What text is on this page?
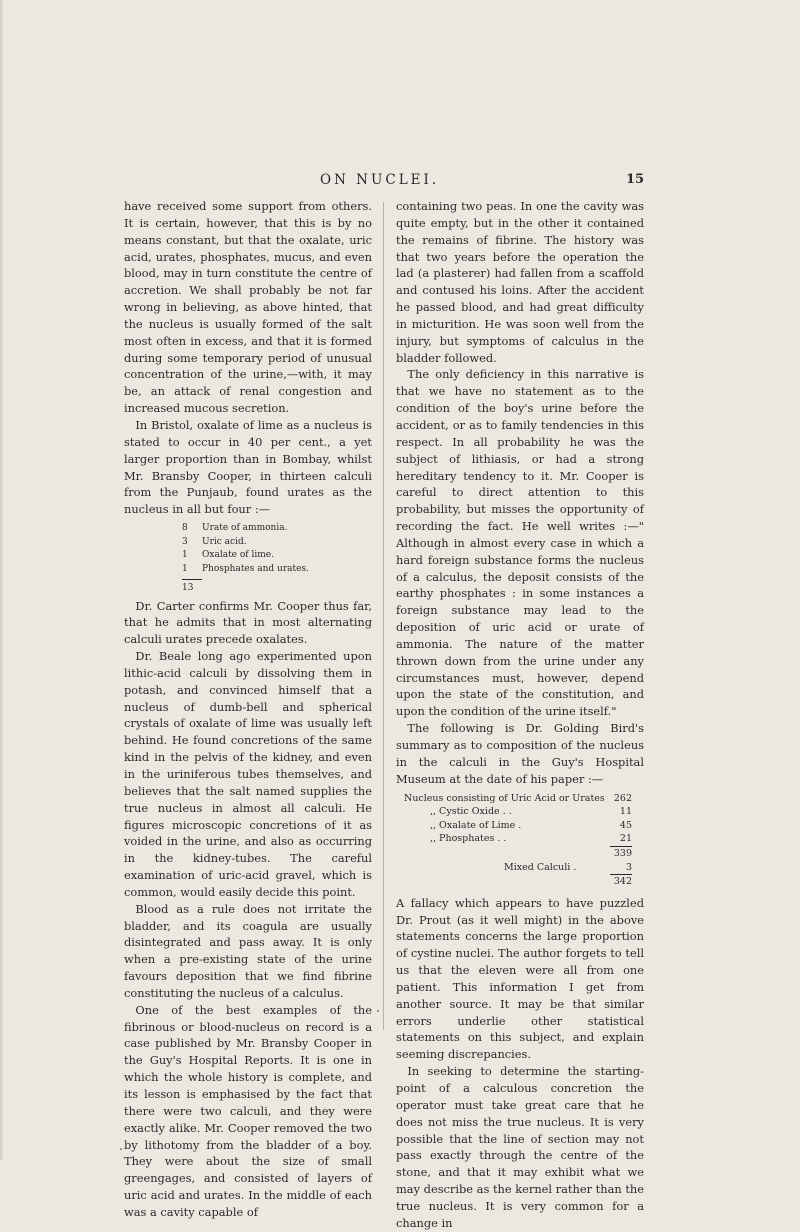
ON NUCLEI.	15

have received some support from others. It is certain, however, that this is by no means constant, but that the oxalate, uric acid, urates, phosphates, mucus, and even blood, may in turn constitute the centre of accretion. We shall probably be not far wrong in believing, as above hinted, that the nucleus is usually formed of the salt most often in excess, and that it is formed during some temporary period of unusual concentration of the urine,—with, it may be, an attack of renal congestion and increased mucous secretion.

In Bristol, oxalate of lime as a nucleus is stated to occur in 40 per cent., a yet larger proportion than in Bombay, whilst Mr. Bransby Cooper, in thirteen calculi from the Punjaub, found urates as the nucleus in all but four :—

8	Urate of ammonia.
3	Uric acid.
1	Oxalate of lime.
1	Phosphates and urates.
13

Dr. Carter confirms Mr. Cooper thus far, that he admits that in most alternating calculi urates precede oxalates.

Dr. Beale long ago experimented upon lithic-acid calculi by dissolving them in potash, and convinced himself that a nucleus of dumb-bell and spherical crystals of oxalate of lime was usually left behind. He found concretions of the same kind in the pelvis of the kidney, and even in the uriniferous tubes themselves, and believes that the salt named supplies the true nucleus in almost all calculi. He figures microscopic concretions of it as voided in the urine, and also as occurring in the kidney-tubes. The careful examination of uric-acid gravel, which is common, would easily decide this point.

Blood as a rule does not irritate the bladder, and its coagula are usually disintegrated and pass away. It is only when a pre-existing state of the urine favours deposition that we find fibrine constituting the nucleus of a calculus.

One of the best examples of the fibrinous or blood-nucleus on record is a case published by Mr. Bransby Cooper in the Guy's Hospital Reports. It is one in which the whole history is complete, and its lesson is emphasised by the fact that there were two calculi, and they were exactly alike. Mr. Cooper removed the two by lithotomy from the bladder of a boy. They were about the size of small greengages, and consisted of layers of uric acid and urates. In the middle of each was a cavity capable of

containing two peas. In one the cavity was quite empty, but in the other it contained the remains of fibrine. The history was that two years before the operation the lad (a plasterer) had fallen from a scaffold and contused his loins. After the accident he passed blood, and had great difficulty in micturition. He was soon well from the injury, but symptoms of calculus in the bladder followed.

The only deficiency in this narrative is that we have no statement as to the condition of the boy's urine before the accident, or as to family tendencies in this respect. In all probability he was the subject of lithiasis, or had a strong hereditary tendency to it. Mr. Cooper is careful to direct attention to this probability, but misses the opportunity of recording the fact. He well writes :—" Although in almost every case in which a hard foreign substance forms the nucleus of a calculus, the deposit consists of the earthy phosphates : in some instances a foreign substance may lead to the deposition of uric acid or urate of ammonia. The nature of the matter thrown down from the urine under any circumstances must, however, depend upon the state of the constitution, and upon the condition of the urine itself."

The following is Dr. Golding Bird's summary as to composition of the nucleus in the calculi in the Guy's Hospital Museum at the date of his paper :—

Nucleus consisting of Uric Acid or Urates 262
,, Cystic Oxide . .	11
,, Oxalate of Lime .	45
,, Phosphates . .	21
339
Mixed Calculi .	3
342

A fallacy which appears to have puzzled Dr. Prout (as it well might) in the above statements concerns the large proportion of cystine nuclei. The author forgets to tell us that the eleven were all from one patient. This information I get from another source. It may be that similar errors underlie other statistical statements on this subject, and explain seeming discrepancies.

In seeking to determine the starting-point of a calculous concretion the operator must take great care that he does not miss the true nucleus. It is very possible that the line of section may not pass exactly through the centre of the stone, and that it may exhibit what we may describe as the kernel rather than the true nucleus. It is very common for a change in
